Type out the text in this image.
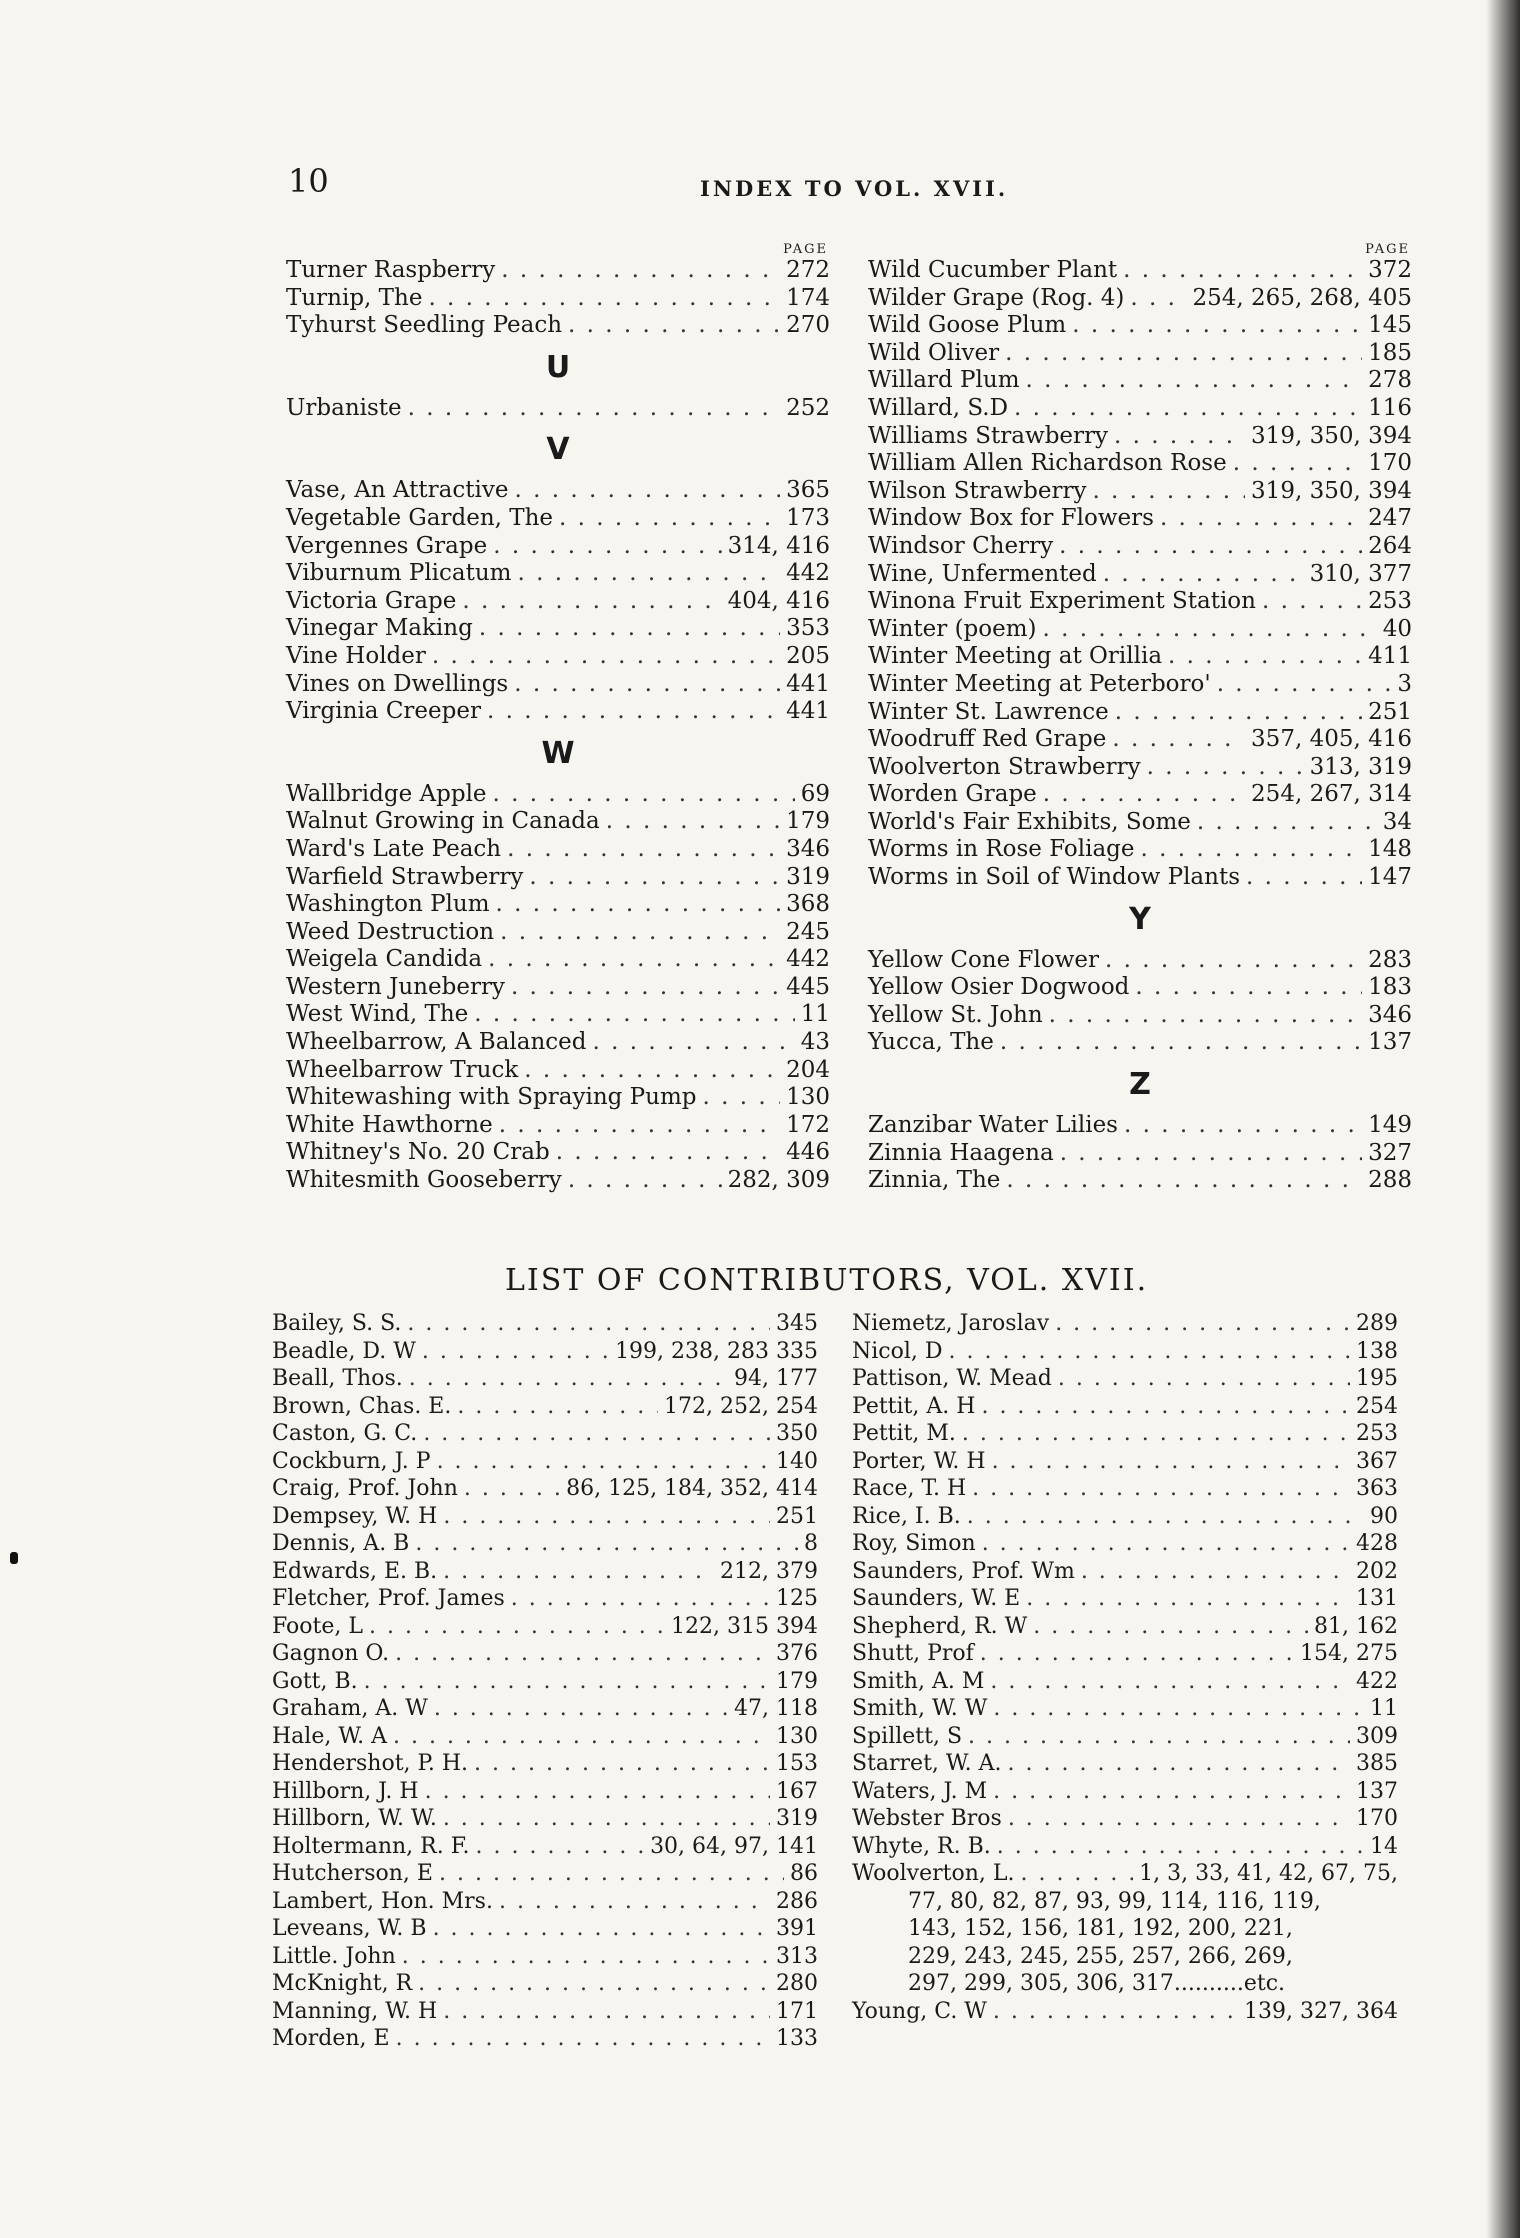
10	INDEX TO VOL. XVII.
PAGE
Turner Raspberry . . .	272
Turnip, The . . .	174
Tyhurst Seedling Peach . . .	270
U
Urbaniste . . .	252
V
Vase, An Attractive . . .	365
Vegetable Garden, The . . .	173
Vergennes Grape . . .	314, 416
Viburnum Plicatum . . .	442
Victoria Grape . . .	404, 416
Vinegar Making . . .	353
Vine Holder . . .	205
Vines on Dwellings . . .	441
Virginia Creeper . . .	441
W
Wallbridge Apple . . .	69
Walnut Growing in Canada . . .	179
Ward's Late Peach . . .	346
Warfield Strawberry . . .	319
Washington Plum . . .	368
Weed Destruction . . .	245
Weigela Candida . . .	442
Western Juneberry . . .	445
West Wind, The . . .	11
Wheelbarrow, A Balanced . . .	43
Wheelbarrow Truck . . .	204
Whitewashing with Spraying Pump . . .	130
White Hawthorne . . .	172
Whitney's No. 20 Crab . . .	446
Whitesmith Gooseberry . . .	282, 309
PAGE
Wild Cucumber Plant . . .	372
Wilder Grape (Rog. 4) . . .	254, 265, 268, 405
Wild Goose Plum . . .	145
Wild Oliver . . .	185
Willard Plum . . .	278
Willard, S.D . . .	116
Williams Strawberry . . .	319, 350, 394
William Allen Richardson Rose . . .	170
Wilson Strawberry . . .	319, 350, 394
Window Box for Flowers . . .	247
Windsor Cherry . . .	264
Wine, Unfermented . . .	310, 377
Winona Fruit Experiment Station . . .	253
Winter (poem) . . .	40
Winter Meeting at Orillia . . .	411
Winter Meeting at Peterboro' . . .	3
Winter St. Lawrence . . .	251
Woodruff Red Grape . . .	357, 405, 416
Woolverton Strawberry . . .	313, 319
Worden Grape . . .	254, 267, 314
World's Fair Exhibits, Some . . .	34
Worms in Rose Foliage . . .	148
Worms in Soil of Window Plants . . .	147
Y
Yellow Cone Flower . . .	283
Yellow Osier Dogwood . . .	183
Yellow St. John . . .	346
Yucca, The . . .	137
Z
Zanzibar Water Lilies . . .	149
Zinnia Haagena . . .	327
Zinnia, The . . .	288
LIST OF CONTRIBUTORS, VOL. XVII.
Bailey, S. S. . . .	345
Beadle, D. W . . .	199, 238, 283 335
Beall, Thos. . . .	94, 177
Brown, Chas. E. . . .	172, 252, 254
Caston, G. C. . . .	350
Cockburn, J. P . . .	140
Craig, Prof. John . . .	86, 125, 184, 352, 414
Dempsey, W. H . . .	251
Dennis, A. B . . .	8
Edwards, E. B. . . .	212, 379
Fletcher, Prof. James . . .	125
Foote, L . . .	122, 315 394
Gagnon O. . . .	376
Gott, B. . . .	179
Graham, A. W . . .	47, 118
Hale, W. A . . .	130
Hendershot, P. H. . . .	153
Hillborn, J. H . . .	167
Hillborn, W. W. . . .	319
Holtermann, R. F. . . .	30, 64, 97, 141
Hutcherson, E . . .	86
Lambert, Hon. Mrs. . . .	286
Leveans, W. B . . .	391
Little. John . . .	313
McKnight, R . . .	280
Manning, W. H . . .	171
Morden, E . . .	133
Niemetz, Jaroslav . . .	289
Nicol, D . . .	138
Pattison, W. Mead . . .	195
Pettit, A. H . . .	254
Pettit, M. . . .	253
Porter, W. H . . .	367
Race, T. H . . .	363
Rice, I. B. . . .	90
Roy, Simon . . .	428
Saunders, Prof. Wm . . .	202
Saunders, W. E . . .	131
Shepherd, R. W . . .	81, 162
Shutt, Prof . . .	154, 275
Smith, A. M . . .	422
Smith, W. W . . .	11
Spillett, S . . .	309
Starret, W. A. . . .	385
Waters, J. M . . .	137
Webster Bros . . .	170
Whyte, R. B. . . .	14
Woolverton, L. . . .	1, 3, 33, 41, 42, 67, 75,
77, 80, 82, 87, 93, 99, 114, 116, 119,
143, 152, 156, 181, 192, 200, 221,
229, 243, 245, 255, 257, 266, 269,
297, 299, 305, 306, 317..........etc.
Young, C. W . . .	139, 327, 364
